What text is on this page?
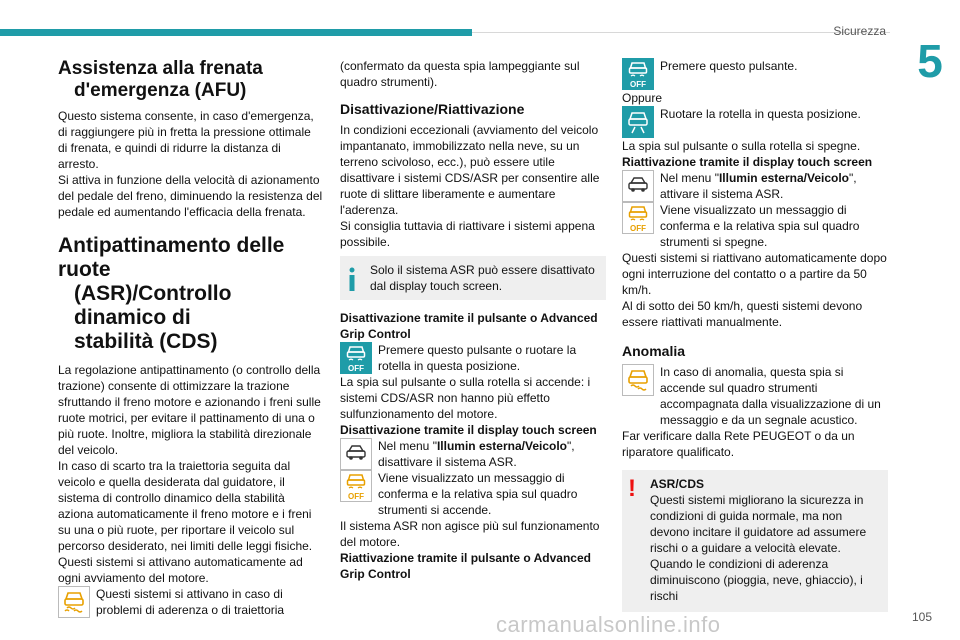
Sicurezza
5
Assistenza alla frenata
d'emergenza (AFU)

Questo sistema consente, in caso d'emergenza, di raggiungere più in fretta la pressione ottimale di frenata, e quindi di ridurre la distanza di arresto.

Si attiva in funzione della velocità di azionamento del pedale del freno, diminuendo la resistenza del pedale ed aumentando l'efficacia della frenata.

Antipattinamento delle ruote
(ASR)/Controllo dinamico di
stabilità (CDS)

La regolazione antipattinamento (o controllo della trazione) consente di ottimizzare la trazione sfruttando il freno motore e azionando i freni sulle ruote motrici, per evitare il pattinamento di una o più ruote. Inoltre, migliora la stabilità direzionale del veicolo.

In caso di scarto tra la traiettoria seguita dal veicolo e quella desiderata dal guidatore, il sistema di controllo dinamico della stabilità aziona automaticamente il freno motore e i freni su una o più ruote, per riportare il veicolo sul percorso desiderato, nei limiti delle leggi fisiche.

Questi sistemi si attivano automaticamente ad ogni avviamento del motore.

Questi sistemi si attivano in caso di problemi di aderenza o di traiettoria

(confermato da questa spia lampeggiante sul quadro strumenti).

Disattivazione/Riattivazione

In condizioni eccezionali (avviamento del veicolo impantanato, immobilizzato nella neve, su un terreno scivoloso, ecc.), può essere utile disattivare i sistemi CDS/ASR per consentire alle ruote di slittare liberamente e aumentare l'aderenza.

Si consiglia tuttavia di riattivare i sistemi appena possibile.

Solo il sistema ASR può essere disattivato dal display touch screen.

Disattivazione tramite il pulsante o Advanced Grip Control

OFF

Premere questo pulsante o ruotare la rotella in questa posizione.

La spia sul pulsante o sulla rotella si accende: i sistemi CDS/ASR non hanno più effetto sulfunzionamento del motore.

Disattivazione tramite il display touch screen

Nel menu "Illumin esterna/Veicolo", disattivare il sistema ASR.

OFF

Viene visualizzato un messaggio di conferma e la relativa spia sul quadro strumenti si accende.

Il sistema ASR non agisce più sul funzionamento del motore.

Riattivazione tramite il pulsante o Advanced Grip Control

OFF

Premere questo pulsante.

Oppure

Ruotare la rotella in questa posizione.

La spia sul pulsante o sulla rotella si spegne.

Riattivazione tramite il display touch screen

Nel menu "Illumin esterna/Veicolo", attivare il sistema ASR.

OFF

Viene visualizzato un messaggio di conferma e la relativa spia sul quadro strumenti si spegne.

Questi sistemi si riattivano automaticamente dopo ogni interruzione del contatto o a partire da 50 km/h.

Al di sotto dei 50 km/h, questi sistemi devono essere riattivati manualmente.

Anomalia

In caso di anomalia, questa spia si accende sul quadro strumenti accompagnata dalla visualizzazione di un messaggio e da un segnale acustico.

Far verificare dalla Rete PEUGEOT o da un riparatore qualificato.

! ASR/CDS

Questi sistemi migliorano la sicurezza in condizioni di guida normale, ma non devono incitare il guidatore ad assumere rischi o a guidare a velocità elevate.

Quando le condizioni di aderenza diminuiscono (pioggia, neve, ghiaccio), i rischi

carmanualsonline.info	105
